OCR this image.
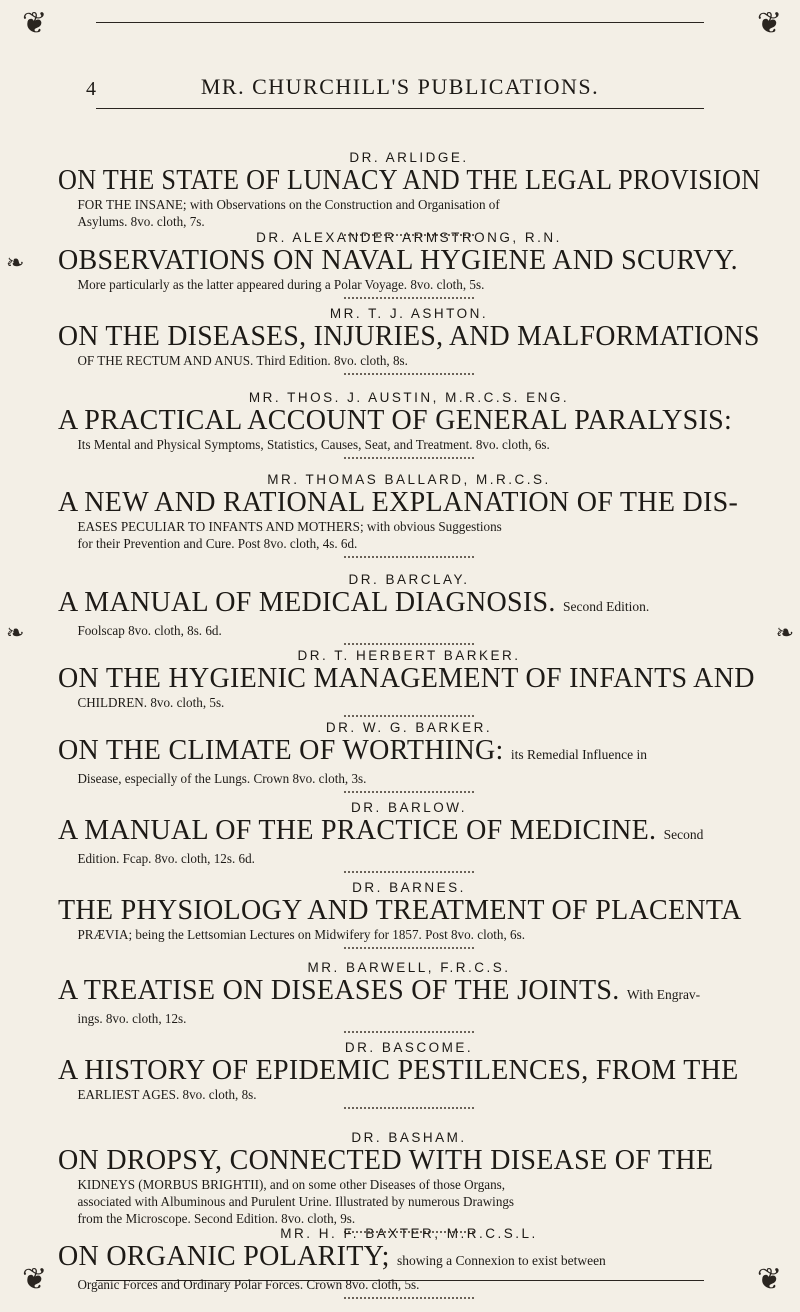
❦	❦
❦	❦
❧
❧	❧
4	MR. CHURCHILL'S PUBLICATIONS.

DR. ARLIDGE.

ON THE STATE OF LUNACY AND THE LEGAL PROVISION

FOR THE INSANE; with Observations on the Construction and Organisation of

Asylums. 8vo. cloth, 7s.

DR. ALEXANDER ARMSTRONG, R.N.

OBSERVATIONS ON NAVAL HYGIENE AND SCURVY.

More particularly as the latter appeared during a Polar Voyage. 8vo. cloth, 5s.

MR. T. J. ASHTON.

ON THE DISEASES, INJURIES, AND MALFORMATIONS

OF THE RECTUM AND ANUS. Third Edition. 8vo. cloth, 8s.

MR. THOS. J. AUSTIN, M.R.C.S. ENG.

A PRACTICAL ACCOUNT OF GENERAL PARALYSIS:

Its Mental and Physical Symptoms, Statistics, Causes, Seat, and Treatment. 8vo. cloth, 6s.

MR. THOMAS BALLARD, M.R.C.S.

A NEW AND RATIONAL EXPLANATION OF THE DIS-

EASES PECULIAR TO INFANTS AND MOTHERS; with obvious Suggestions

for their Prevention and Cure. Post 8vo. cloth, 4s. 6d.

DR. BARCLAY.

A MANUAL OF MEDICAL DIAGNOSIS. Second Edition.

Foolscap 8vo. cloth, 8s. 6d.

DR. T. HERBERT BARKER.

ON THE HYGIENIC MANAGEMENT OF INFANTS AND

CHILDREN. 8vo. cloth, 5s.

DR. W. G. BARKER.

ON THE CLIMATE OF WORTHING: its Remedial Influence in

Disease, especially of the Lungs. Crown 8vo. cloth, 3s.

DR. BARLOW.

A MANUAL OF THE PRACTICE OF MEDICINE. Second

Edition. Fcap. 8vo. cloth, 12s. 6d.

DR. BARNES.

THE PHYSIOLOGY AND TREATMENT OF PLACENTA

PRÆVIA; being the Lettsomian Lectures on Midwifery for 1857. Post 8vo. cloth, 6s.

MR. BARWELL, F.R.C.S.

A TREATISE ON DISEASES OF THE JOINTS. With Engrav-

ings. 8vo. cloth, 12s.

DR. BASCOME.

A HISTORY OF EPIDEMIC PESTILENCES, FROM THE

EARLIEST AGES. 8vo. cloth, 8s.

DR. BASHAM.

ON DROPSY, CONNECTED WITH DISEASE OF THE

KIDNEYS (MORBUS BRIGHTII), and on some other Diseases of those Organs,

associated with Albuminous and Purulent Urine. Illustrated by numerous Drawings

from the Microscope. Second Edition. 8vo. cloth, 9s.

MR. H. F. BAXTER, M.R.C.S.L.

ON ORGANIC POLARITY; showing a Connexion to exist between

Organic Forces and Ordinary Polar Forces. Crown 8vo. cloth, 5s.
